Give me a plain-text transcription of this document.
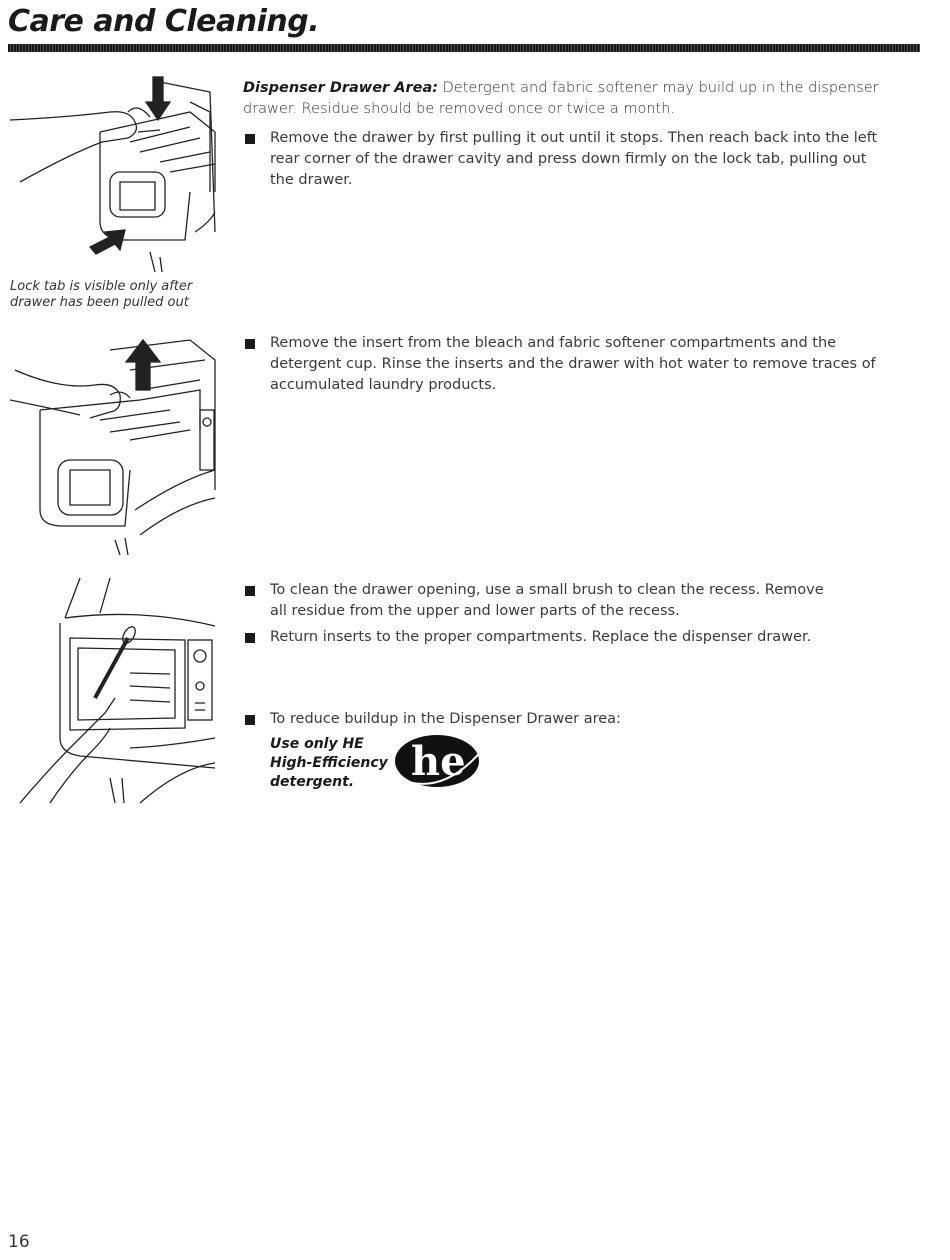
Care and Cleaning.
Lock tab is visible only after drawer has been pulled out
Dispenser Drawer Area: Detergent and fabric softener may build up in the dispenser drawer. Residue should be removed once or twice a month.
Remove the drawer by first pulling it out until it stops. Then reach back into the left rear corner of the drawer cavity and press down firmly on the lock tab, pulling out the drawer.
Remove the insert from the bleach and fabric softener compartments and the detergent cup. Rinse the inserts and the drawer with hot water to remove traces of accumulated laundry products.
To clean the drawer opening, use a small brush to clean the recess. Remove all residue from the upper and lower parts of the recess.
Return inserts to the proper compartments. Replace the dispenser drawer.
To reduce buildup in the Dispenser Drawer area:
Use only HE High-Efficiency detergent.	he
16
